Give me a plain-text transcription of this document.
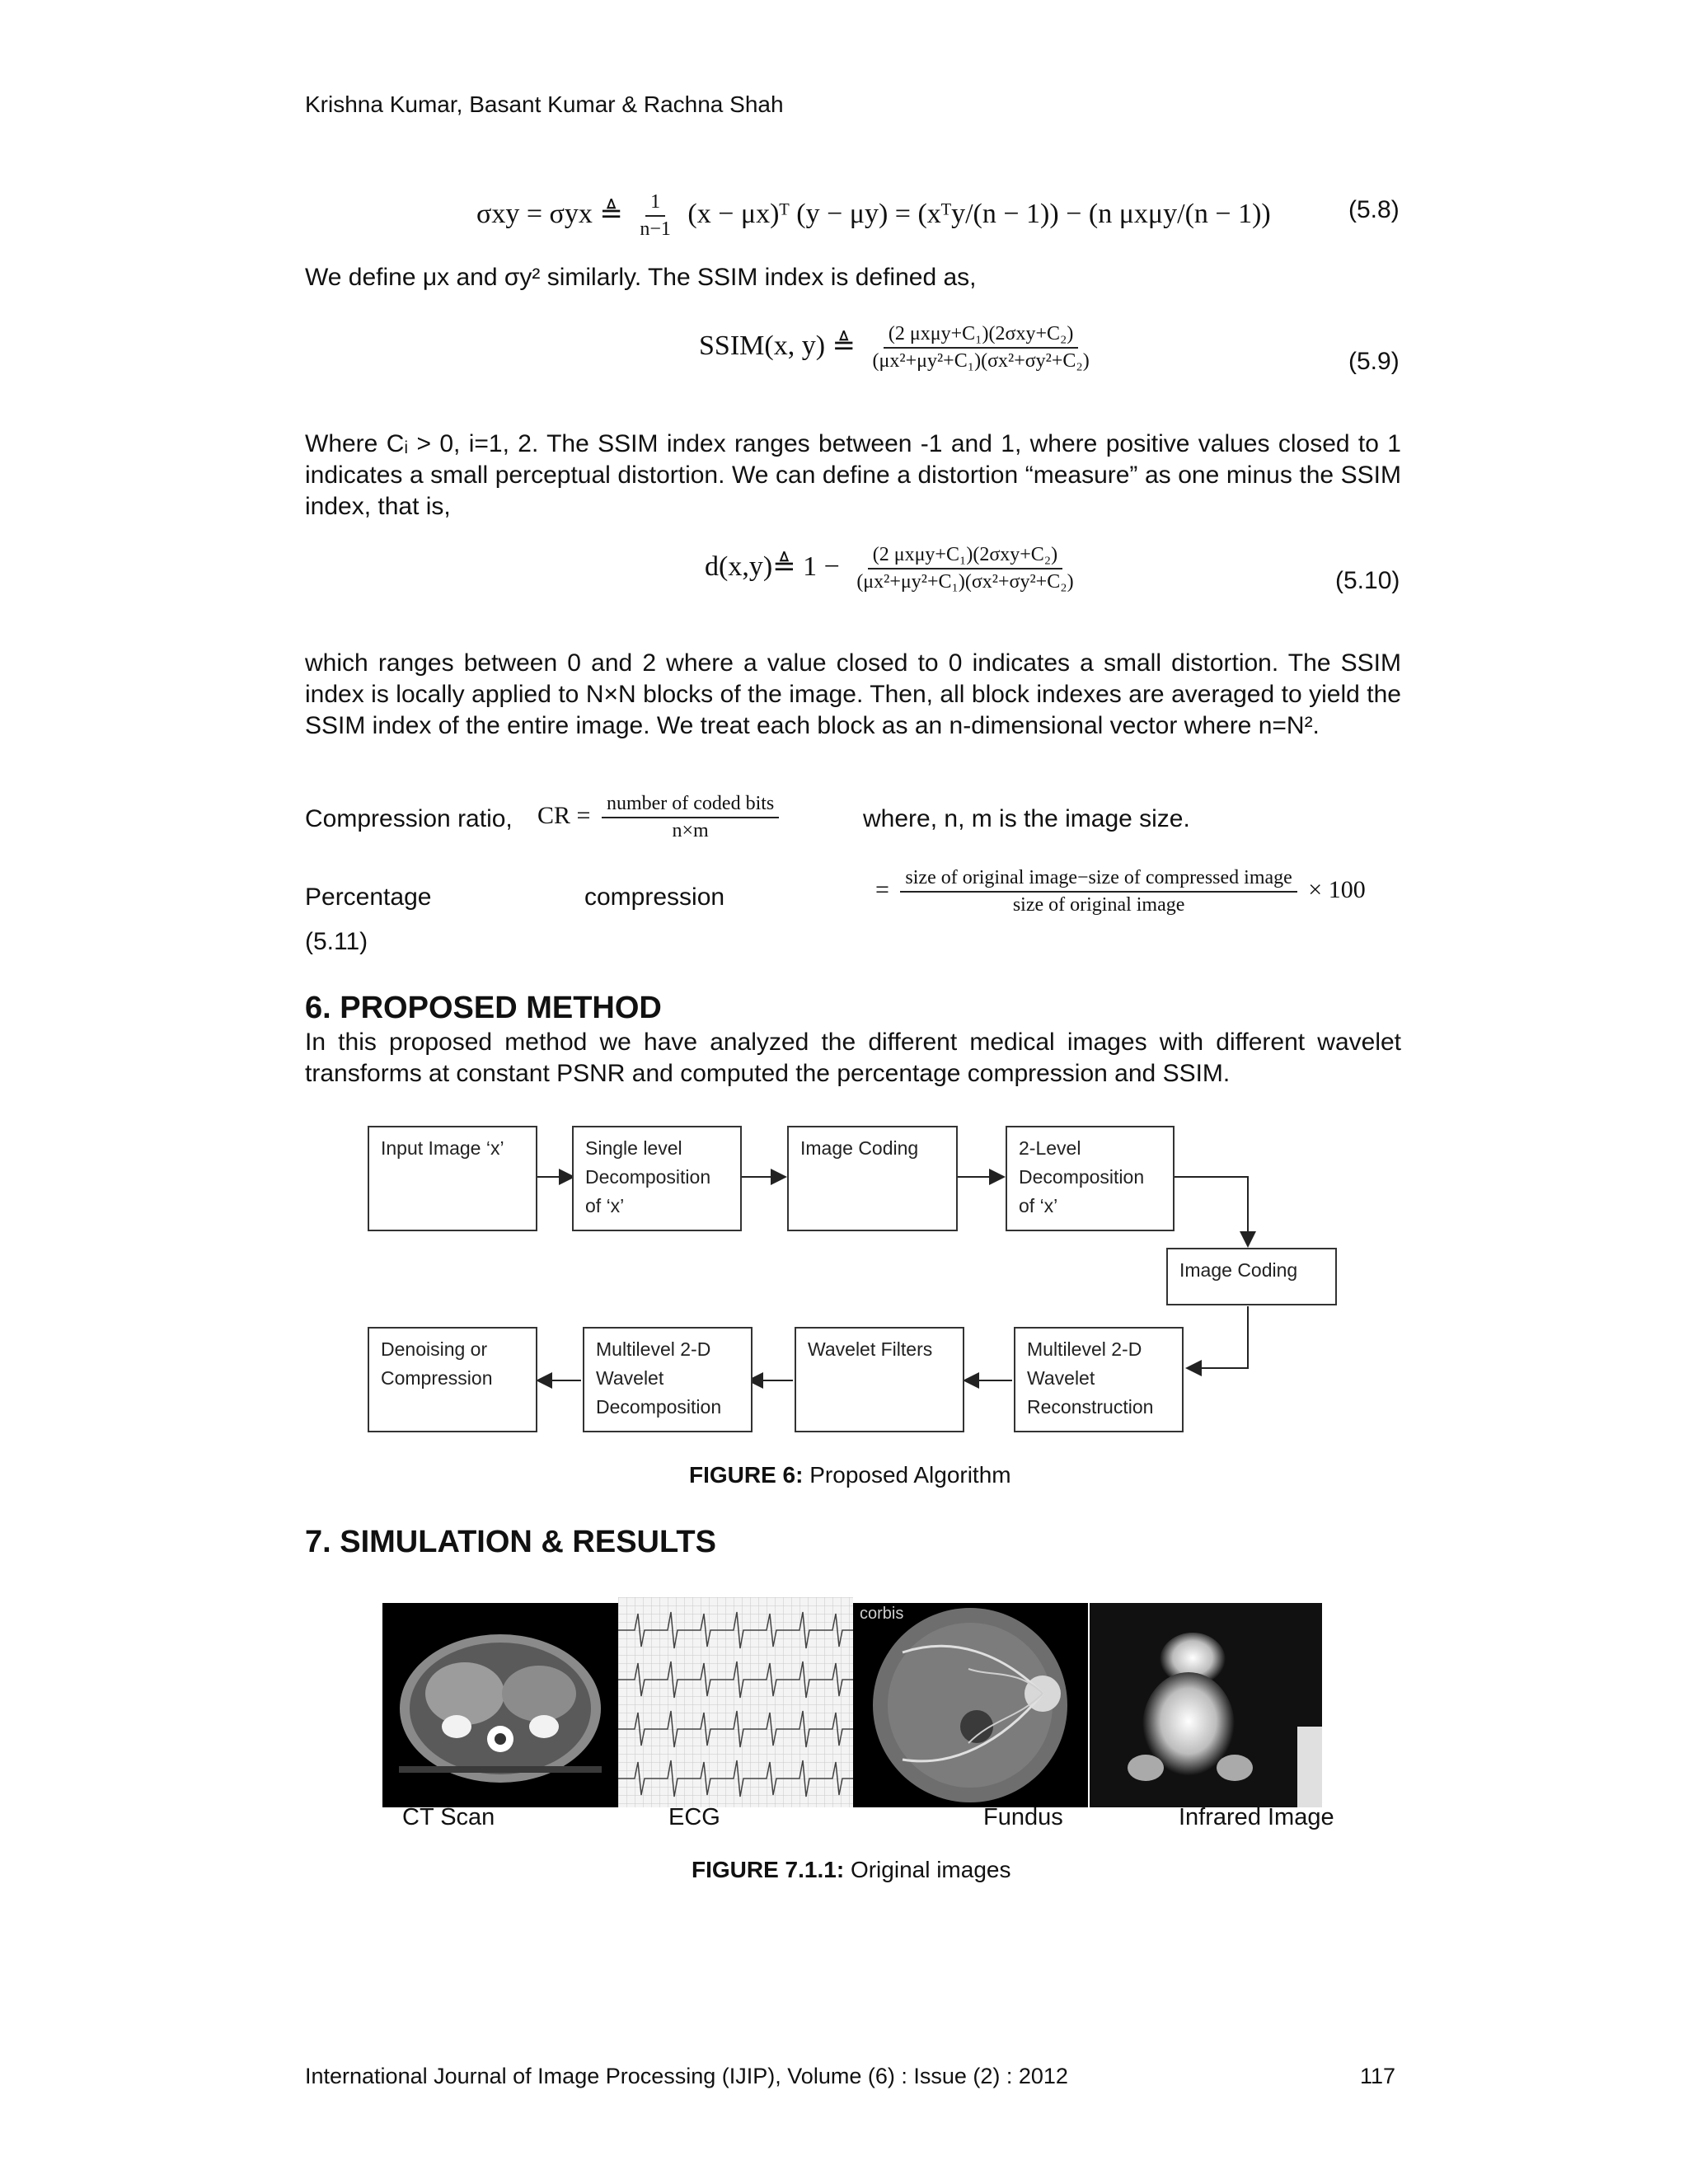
Krishna Kumar, Basant Kumar & Rachna Shah
σxy = σyx ≜ $\frac{1}{n-1} (x$ − μx)ᵀ (y − μy) = (xᵀy/(n − 1)) − (n μxμy/(n − 1))	(5.8)
We define μx and σy² similarly. The SSIM index is defined as,
SSIM(x, y) ≜ $\frac{\text{(2 μxμy+C₁)(2σxy+C₂)}}{\text{(μx²+μy²+C₁)(σx²+σy²+C₂)}}$	(5.9)
Where Cᵢ > 0, i=1, 2. The SSIM index ranges between -1 and 1, where positive values closed to 1 indicates a small perceptual distortion. We can define a distortion “measure” as one minus the SSIM index, that is,
d(x,y)≜ $1 - \frac{\text{(2 μxμy+C₁)(2σxy+C₂)}}{\text{(μx²+μy²+C₁)(σx²+σy²+C₂)}}$	(5.10)
which ranges between 0 and 2 where a value closed to 0 indicates a small distortion. The SSIM index is locally applied to N×N blocks of the image. Then, all block indexes are averaged to yield the SSIM index of the entire image. We treat each block as an n-dimensional vector where n=N².
Compression ratio, CR = $\frac{\text{number of coded bits}}{n\times m}$	where, n, m is the image size.
Percentage	compression	= $\frac{\text{size of original image−size of compressed image}}{\text{size of original image}} \times 100$
(5.11)
6. PROPOSED METHOD
In this proposed method we have analyzed the different medical images with different wavelet transforms at constant PSNR and computed the percentage compression and SSIM.
Input Image ‘x’	Single level Decomposition of ‘x’
Image Coding	2-Level Decomposition of ‘x’
Image Coding
Multilevel 2-D Wavelet Reconstruction
Wavelet Filters
Multilevel 2-D Wavelet Decomposition
Denoising or Compression
FIGURE 6: Proposed Algorithm
7. SIMULATION & RESULTS
corbis
CT Scan	ECG	Fundus	Infrared Image
FIGURE 7.1.1: Original images
International Journal of Image Processing (IJIP), Volume (6) : Issue (2) : 2012	117
